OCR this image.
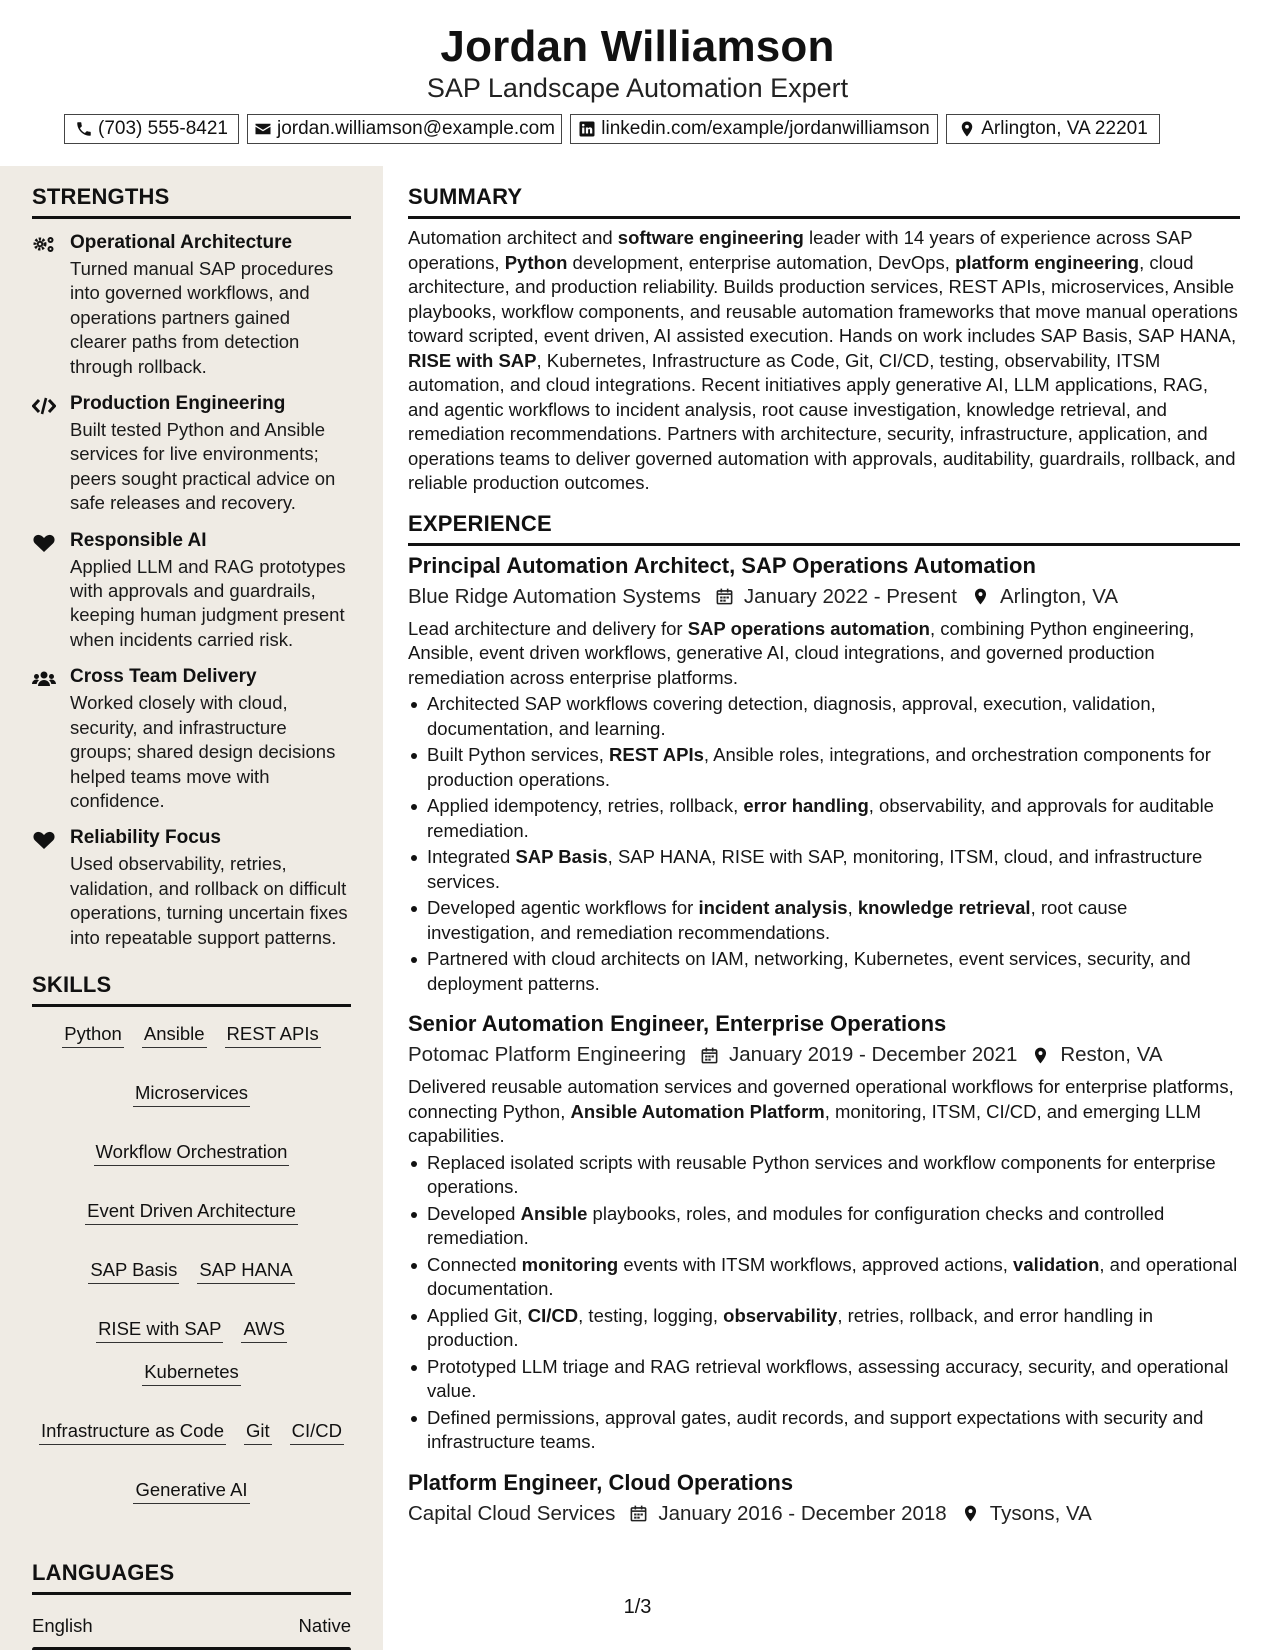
Jordan Williamson
SAP Landscape Automation Expert
(703) 555-8421	jordan.williamson@example.com linkedin.com/example/jordanwilliamson	Arlington, VA 22201
STRENGTHS
Operational Architecture
Turned manual SAP procedures into governed workflows, and operations partners gained clearer paths from detection through rollback.
Production Engineering
Built tested Python and Ansible services for live environments; peers sought practical advice on safe releases and recovery.
Responsible AI
Applied LLM and RAG prototypes with approvals and guardrails, keeping human judgment present when incidents carried risk.
Cross Team Delivery
Worked closely with cloud, security, and infrastructure groups; shared design decisions helped teams move with confidence.
Reliability Focus
Used observability, retries, validation, and rollback on difficult operations, turning uncertain fixes into repeatable support patterns.
SKILLS
Python Ansible REST APIs
Microservices
Workflow Orchestration
Event Driven Architecture
SAP Basis SAP HANA
RISE with SAP AWS
Kubernetes
Infrastructure as Code Git CI/CD
Generative AI
LANGUAGES
English	Native
SUMMARY
Automation architect and software engineering leader with 14 years of experience across SAP operations, Python development, enterprise automation, DevOps, platform engineering, cloud architecture, and production reliability. Builds production services, REST APIs, microservices, Ansible playbooks, workflow components, and reusable automation frameworks that move manual operations toward scripted, event driven, AI assisted execution. Hands on work includes SAP Basis, SAP HANA, RISE with SAP, Kubernetes, Infrastructure as Code, Git, CI/CD, testing, observability, ITSM automation, and cloud integrations. Recent initiatives apply generative AI, LLM applications, RAG, and agentic workflows to incident analysis, root cause investigation, knowledge retrieval, and remediation recommendations. Partners with architecture, security, infrastructure, application, and operations teams to deliver governed automation with approvals, auditability, guardrails, rollback, and reliable production outcomes.
EXPERIENCE
Principal Automation Architect, SAP Operations Automation
Blue Ridge Automation Systems January 2022 - Present Arlington, VA
Lead architecture and delivery for SAP operations automation, combining Python engineering, Ansible, event driven workflows, generative AI, cloud integrations, and governed production remediation across enterprise platforms.
Architected SAP workflows covering detection, diagnosis, approval, execution, validation, documentation, and learning.
Built Python services, REST APIs, Ansible roles, integrations, and orchestration components for production operations.
Applied idempotency, retries, rollback, error handling, observability, and approvals for auditable remediation.
Integrated SAP Basis, SAP HANA, RISE with SAP, monitoring, ITSM, cloud, and infrastructure services.
Developed agentic workflows for incident analysis, knowledge retrieval, root cause investigation, and remediation recommendations.
Partnered with cloud architects on IAM, networking, Kubernetes, event services, security, and deployment patterns.
Senior Automation Engineer, Enterprise Operations
Potomac Platform Engineering January 2019 - December 2021 Reston, VA
Delivered reusable automation services and governed operational workflows for enterprise platforms, connecting Python, Ansible Automation Platform, monitoring, ITSM, CI/CD, and emerging LLM capabilities.
Replaced isolated scripts with reusable Python services and workflow components for enterprise operations.
Developed Ansible playbooks, roles, and modules for configuration checks and controlled remediation.
Connected monitoring events with ITSM workflows, approved actions, validation, and operational documentation.
Applied Git, CI/CD, testing, logging, observability, retries, rollback, and error handling in production.
Prototyped LLM triage and RAG retrieval workflows, assessing accuracy, security, and operational value.
Defined permissions, approval gates, audit records, and support expectations with security and infrastructure teams.
Platform Engineer, Cloud Operations
Capital Cloud Services January 2016 - December 2018 Tysons, VA
1/3
